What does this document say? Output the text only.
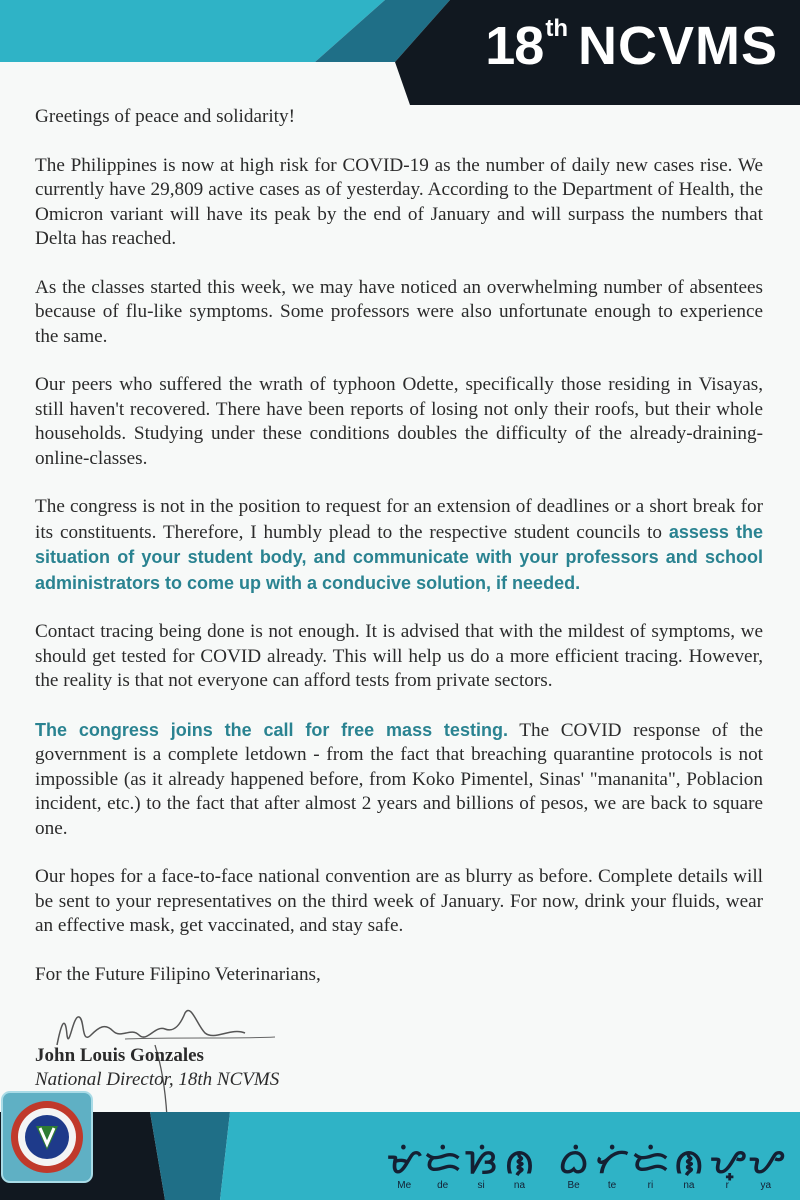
18 th NCVMS

Greetings of peace and solidarity!

The Philippines is now at high risk for COVID-19 as the number of daily new cases rise. We currently have 29,809 active cases as of yesterday. According to the Department of Health, the Omicron variant will have its peak by the end of January and will surpass the numbers that Delta has reached.

As the classes started this week, we may have noticed an overwhelming number of absentees because of flu-like symptoms. Some professors were also unfortunate enough to experience the same.

Our peers who suffered the wrath of typhoon Odette, specifically those residing in Visayas, still haven't recovered. There have been reports of losing not only their roofs, but their whole households. Studying under these conditions doubles the difficulty of the already-draining-online-classes.

The congress is not in the position to request for an extension of deadlines or a short break for its constituents. Therefore, I humbly plead to the respective student councils to assess the situation of your student body, and communicate with your professors and school administrators to come up with a conducive solution, if needed.

Contact tracing being done is not enough. It is advised that with the mildest of symptoms, we should get tested for COVID already. This will help us do a more efficient tracing. However, the reality is that not everyone can afford tests from private sectors.

The congress joins the call for free mass testing. The COVID response of the government is a complete letdown - from the fact that breaching quarantine protocols is not impossible (as it already happened before, from Koko Pimentel, Sinas' "mananita", Poblacion incident, etc.) to the fact that after almost 2 years and billions of pesos, we are back to square one.

Our hopes for a face-to-face national convention are as blurry as before. Complete details will be sent to your representatives on the third week of January. For now, drink your fluids, wear an effective mask, get vaccinated, and stay safe.

For the Future Filipino Veterinarians,

John Louis Gonzales
National Director, 18th NCVMS
ᜋᜒ
Me
ᜇᜒ
de
ᜐᜒ
si
ᜈ
na
ᜊᜒ
Be
ᜆᜒ
te
ᜇᜒ
ri
ᜈ
na
ᜌ᜔
r
ᜌ
ya
